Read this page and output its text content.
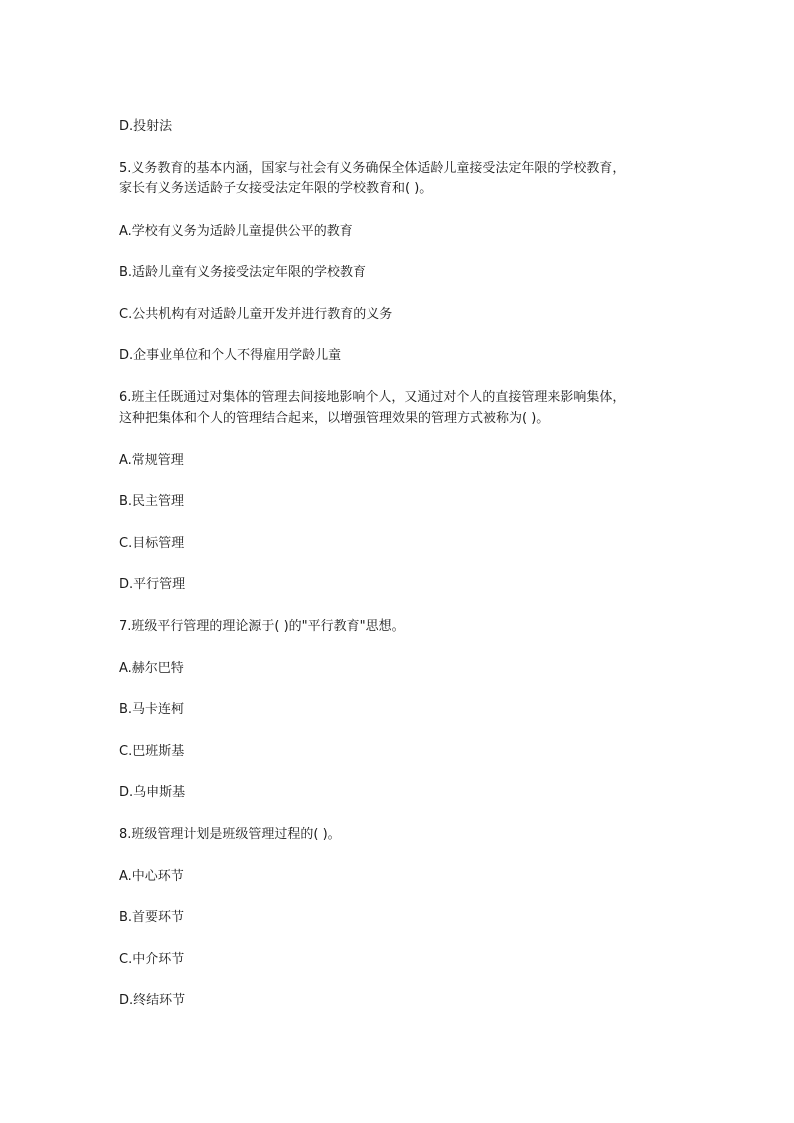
D.投射法
5.义务教育的基本内涵，国家与社会有义务确保全体适龄儿童接受法定年限的学校教育，
家长有义务送适龄子女接受法定年限的学校教育和( )。
A.学校有义务为适龄儿童提供公平的教育
B.适龄儿童有义务接受法定年限的学校教育
C.公共机构有对适龄儿童开发并进行教育的义务
D.企事业单位和个人不得雇用学龄儿童
6.班主任既通过对集体的管理去间接地影响个人，又通过对个人的直接管理来影响集体，
这种把集体和个人的管理结合起来，以增强管理效果的管理方式被称为( )。
A.常规管理
B.民主管理
C.目标管理
D.平行管理
7.班级平行管理的理论源于( )的"平行教育"思想。
A.赫尔巴特
B.马卡连柯
C.巴班斯基
D.乌申斯基
8.班级管理计划是班级管理过程的( )。
A.中心环节
B.首要环节
C.中介环节
D.终结环节
